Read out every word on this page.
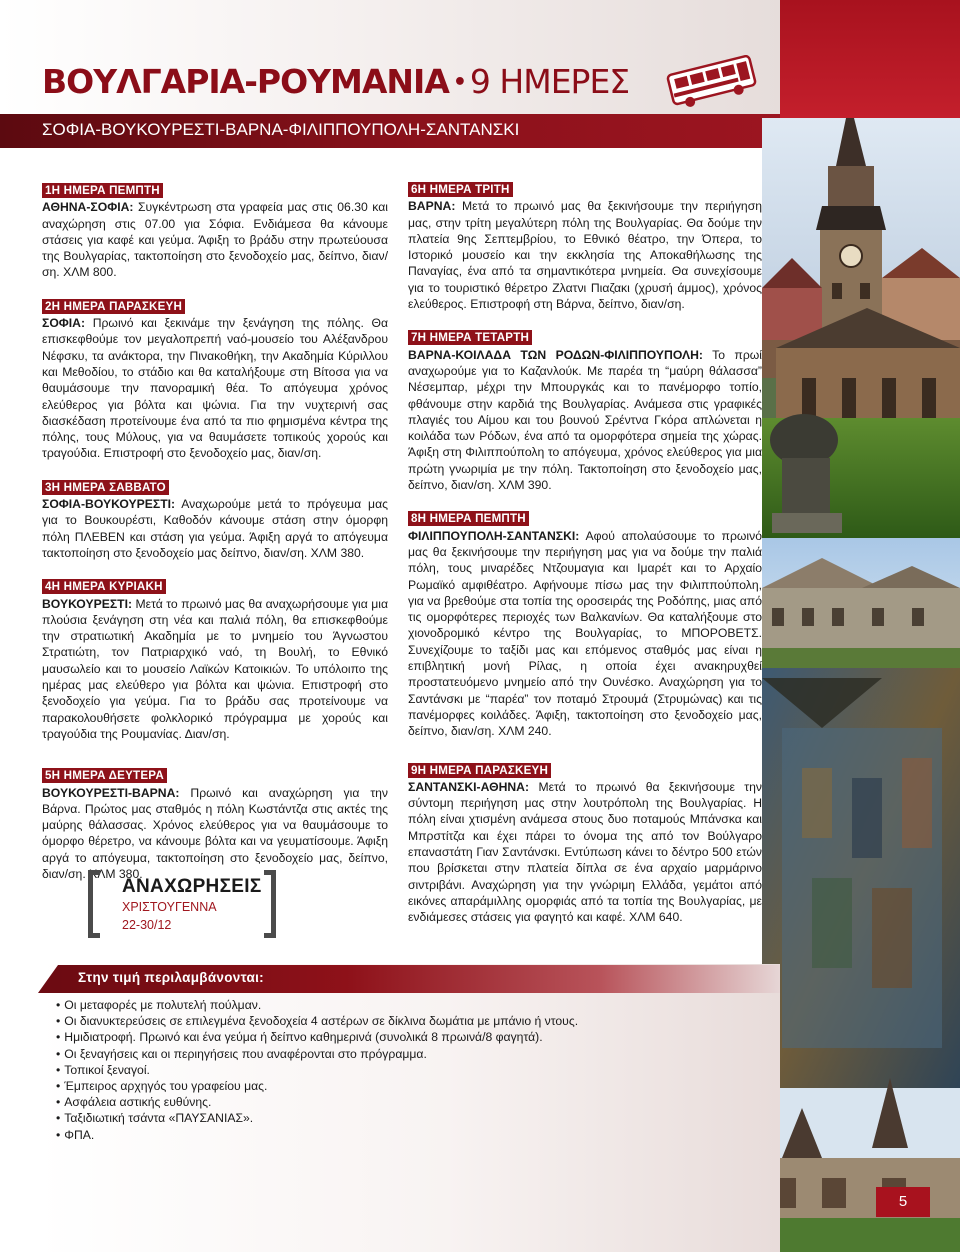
ΒΟΥΛΓΑΡΙΑ-ΡΟΥΜΑΝΙΑ • 9 ΗΜΕΡΕΣ
ΣΟΦΙΑ-ΒΟΥΚΟΥΡΕΣΤΙ-ΒΑΡΝΑ-ΦΙΛΙΠΠΟΥΠΟΛΗ-ΣΑΝΤΑΝΣΚΙ
1Η ΗΜΕΡΑ ΠΕΜΠΤΗ
ΑΘΗΝΑ-ΣΟΦΙΑ: Συγκέντρωση στα γραφεία μας στις 06.30 και αναχώρηση στις 07.00 για Σόφια. Ενδιάμεσα θα κάνουμε στάσεις για καφέ και γεύμα. Άφιξη το βράδυ στην πρωτεύουσα της Βουλγαρίας, τακτοποίηση στο ξενοδοχείο μας, δείπνο, διαν/ση. ΧΛΜ 800.
2Η ΗΜΕΡΑ ΠΑΡΑΣΚΕΥΗ
ΣΟΦΙΑ: Πρωινό και ξεκινάμε την ξενάγηση της πόλης. Θα επισκεφθούμε τον μεγαλοπρεπή ναό-μουσείο του Αλέξανδρου Νέφσκυ, τα ανάκτορα, την Πινακοθήκη, την Ακαδημία Κύριλλου και Μεθοδίου, το στάδιο και θα καταλήξουμε στη Βίτοσα για να θαυμάσουμε την πανοραμική θέα. Το απόγευμα χρόνος ελεύθερος για βόλτα και ψώνια. Για την νυχτερινή σας διασκέδαση προτείνουμε ένα από τα πιο φημισμένα κέντρα της πόλης, τους Μύλους, για να θαυμάσετε τοπικούς χορούς και τραγούδια. Επιστροφή στο ξενοδοχείο μας, διαν/ση.
3Η ΗΜΕΡΑ ΣΑΒΒΑΤΟ
ΣΟΦΙΑ-ΒΟΥΚΟΥΡΕΣΤΙ: Αναχωρούμε μετά το πρόγευμα μας για το Βουκουρέστι, Καθοδόν κάνουμε στάση στην όμορφη πόλη ΠΛΕΒΕΝ και στάση για γεύμα. Άφιξη αργά το απόγευμα τακτοποίηση στο ξενοδοχείο μας δείπνο, διαν/ση. ΧΛΜ 380.
4Η ΗΜΕΡΑ ΚΥΡΙΑΚΗ
ΒΟΥΚΟΥΡΕΣΤΙ: Μετά το πρωινό μας θα αναχωρήσουμε για μια πλούσια ξενάγηση στη νέα και παλιά πόλη, θα επισκεφθούμε την στρατιωτική Ακαδημία με το μνημείο του Άγνωστου Στρατιώτη, τον Πατριαρχικό ναό, τη Βουλή, το Εθνικό μαυσωλείο και το μουσείο Λαϊκών Κατοικιών. Το υπόλοιπο της ημέρας μας ελεύθερο για βόλτα και ψώνια. Επιστροφή στο ξενοδοχείο για γεύμα. Για το βράδυ σας προτείνουμε να παρακολουθήσετε φολκλορικό πρόγραμμα με χορούς και τραγούδια της Ρουμανίας. Διαν/ση.
5Η ΗΜΕΡΑ ΔΕΥΤΕΡΑ
ΒΟΥΚΟΥΡΕΣΤΙ-ΒΑΡΝΑ: Πρωινό και αναχώρηση για την Βάρνα. Πρώτος μας σταθμός η πόλη Κωστάντζα στις ακτές της μαύρης θάλασσας. Χρόνος ελεύθερος για να θαυμάσουμε το όμορφο θέρετρο, να κάνουμε βόλτα και να γευματίσουμε. Άφιξη αργά το απόγευμα, τακτοποίηση στο ξενοδοχείο μας, δείπνο, διαν/ση. ΧΛΜ 380.
6Η ΗΜΕΡΑ ΤΡΙΤΗ
ΒΑΡΝΑ: Μετά το πρωινό μας θα ξεκινήσουμε την περιήγηση μας, στην τρίτη μεγαλύτερη πόλη της Βουλγαρίας. Θα δούμε την πλατεία 9ης Σεπτεμβρίου, το Εθνικό θέατρο, την Όπερα, το Ιστορικό μουσείο και την εκκλησία της Αποκαθήλωσης της Παναγίας, ένα από τα σημαντικότερα μνημεία. Θα συνεχίσουμε για το τουριστικό θέρετρο Ζλατνι Πιαζακι (χρυσή άμμος), χρόνος ελεύθερος. Επιστροφή στη Βάρνα, δείπνο, διαν/ση.
7Η ΗΜΕΡΑ ΤΕΤΑΡΤΗ
ΒΑΡΝΑ-ΚΟΙΛΑΔΑ ΤΩΝ ΡΟΔΩΝ-ΦΙΛΙΠΠΟΥΠΟΛΗ: Το πρωί αναχωρούμε για το Καζανλούκ. Με παρέα τη “μαύρη θάλασσα” Νέσεμπαρ, μέχρι την Μπουργκάς και το πανέμορφο τοπίο, φθάνουμε στην καρδιά της Βουλγαρίας. Ανάμεσα στις γραφικές πλαγιές του Αίμου και του βουνού Σρέντνα Γκόρα απλώνεται η κοιλάδα των Ρόδων, ένα από τα ομορφότερα σημεία της χώρας. Άφιξη στη Φιλιππούπολη το απόγευμα, χρόνος ελεύθερος για μια πρώτη γνωριμία με την πόλη. Τακτοποίηση στο ξενοδοχείο μας, δείπνο, διαν/ση. ΧΛΜ 390.
8Η ΗΜΕΡΑ ΠΕΜΠΤΗ
ΦΙΛΙΠΠΟΥΠΟΛΗ-ΣΑΝΤΑΝΣΚΙ: Αφού απολαύσουμε το πρωινό μας θα ξεκινήσουμε την περιήγηση μας για να δούμε την παλιά πόλη, τους μιναρέδες Ντζουμαγια και Ιμαρέτ και το Αρχαίο Ρωμαϊκό αμφιθέατρο. Αφήνουμε πίσω μας την Φιλιππούπολη, για να βρεθούμε στα τοπία της οροσειράς της Ροδόπης, μιας από τις ομορφότερες περιοχές των Βαλκανίων. Θα καταλήξουμε στο χιονοδρομικό κέντρο της Βουλγαρίας, το ΜΠΟΡΟΒΕΤΣ. Συνεχίζουμε το ταξίδι μας και επόμενος σταθμός μας είναι η επιβλητική μονή Ρίλας, η οποία έχει ανακηρυχθεί προστατευόμενο μνημείο από την Ουνέσκο. Αναχώρηση για το Σαντάνσκι με “παρέα” τον ποταμό Στρουμά (Στρυμώνας) και τις πανέμορφες κοιλάδες. Άφιξη, τακτοποίηση στο ξενοδοχείο μας, δείπνο, διαν/ση. ΧΛΜ 240.
9Η ΗΜΕΡΑ ΠΑΡΑΣΚΕΥΗ
ΣΑΝΤΑΝΣΚΙ-ΑΘΗΝΑ: Μετά το πρωινό θα ξεκινήσουμε την σύντομη περιήγηση μας στην λουτρόπολη της Βουλγαρίας. Η πόλη είναι χτισμένη ανάμεσα στους δυο ποταμούς Μπάνσκα και Μπρστίτζα και έχει πάρει το όνομα της από τον Βούλγαρο επαναστάτη Γιαν Σαντάνσκι. Εντύπωση κάνει το δέντρο 500 ετών που βρίσκεται στην πλατεία δίπλα σε ένα αρχαίο μαρμάρινο σιντριβάνι. Αναχώρηση για την γνώριμη Ελλάδα, γεμάτοι από εικόνες απαράμιλλης ομορφιάς από τα τοπία της Βουλγαρίας, με ενδιάμεσες στάσεις για φαγητό και καφέ. ΧΛΜ 640.
ΑΝΑΧΩΡΗΣΕΙΣ
ΧΡΙΣΤΟΥΓΕΝΝΑ
22-30/12
Στην τιμή περιλαμβάνονται:
• Οι μεταφορές με πολυτελή πούλμαν.
• Οι διανυκτερεύσεις σε επιλεγμένα ξενοδοχεία 4 αστέρων σε δίκλινα δωμάτια με μπάνιο ή ντους.
• Ημιδιατροφή. Πρωινό και ένα γεύμα ή δείπνο καθημερινά (συνολικά 8 πρωινά/8 φαγητά).
• Οι ξεναγήσεις και οι περιηγήσεις που αναφέρονται στο πρόγραμμα.
• Τοπικοί ξεναγοί.
• Έμπειρος αρχηγός του γραφείου μας.
• Ασφάλεια αστικής ευθύνης.
• Ταξιδιωτική τσάντα «ΠΑΥΣΑΝΙΑΣ».
• ΦΠΑ.
5
